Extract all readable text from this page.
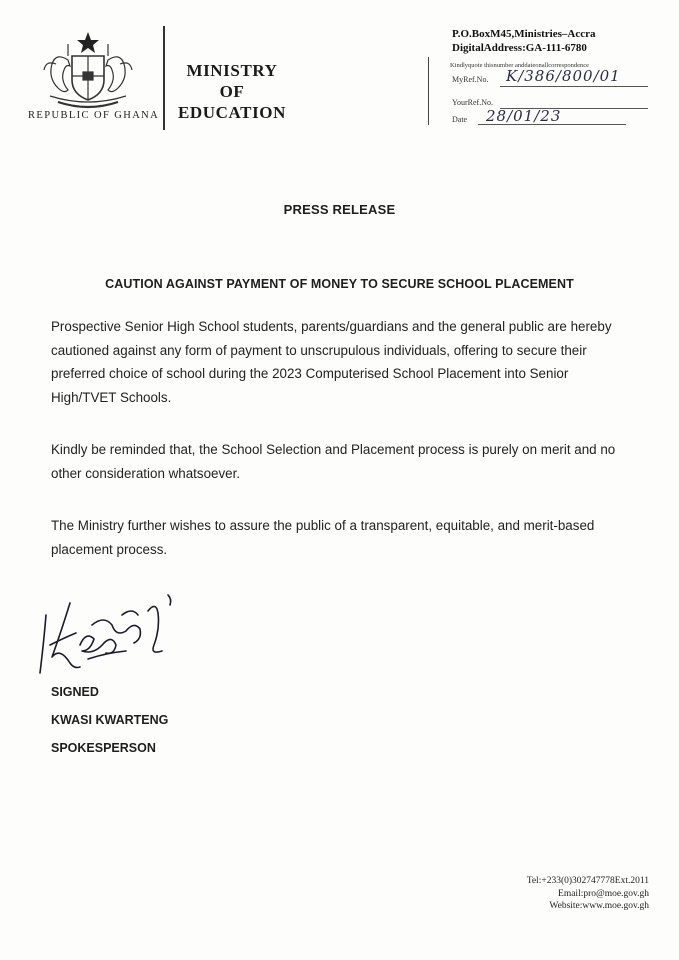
REPUBLIC OF GHANA
MINISTRY
OF
EDUCATION
P.O.BoxM45,Ministries–Accra
DigitalAddress:GA-111-6780
Kindlyquote thisnumber anddateonallcorrespondence
MyRef.No. K/386/800/01
YourRef.No.
Date 28/01/23
PRESS RELEASE
CAUTION AGAINST PAYMENT OF MONEY TO SECURE SCHOOL PLACEMENT

Prospective Senior High School students, parents/guardians and the general public are hereby cautioned against any form of payment to unscrupulous individuals, offering to secure their preferred choice of school during the 2023 Computerised School Placement into Senior High/TVET Schools.

Kindly be reminded that, the School Selection and Placement process is purely on merit and no other consideration whatsoever.

The Ministry further wishes to assure the public of a transparent, equitable, and merit-based placement process.

SIGNED
KWASI KWARTENG
SPOKESPERSON
Tel:+233(0)302747778Ext.2011
Email:pro@moe.gov.gh
Website:www.moe.gov.gh
